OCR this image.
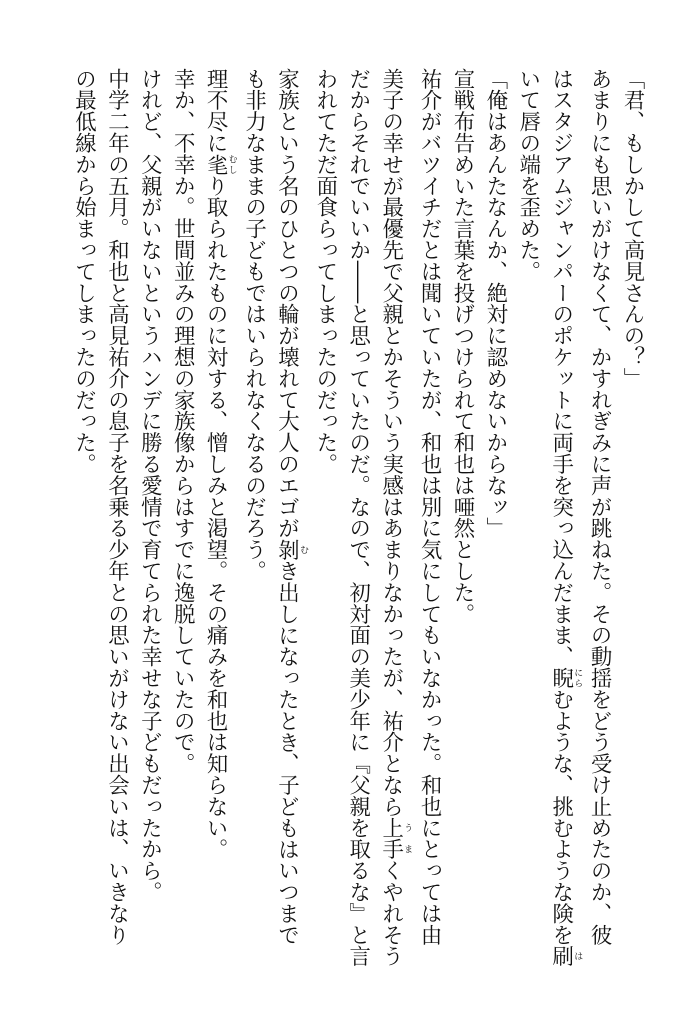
「君、もしかして高見さんの？」

あまりにも思いがけなくて、かすれぎみに声が跳ねた。その動揺をどう受け止めたのか、彼

はスタジアムジャンパーのポケットに両手を突っ込んだまま、睨にらむような、挑むような険を刷は

いて唇の端を歪めた。

「俺はあんたなんか、絶対に認めないからなッ」

宣戦布告めいた言葉を投げつけられて和也は唖然とした。

祐介がバツイチだとは聞いていたが、和也は別に気にしてもいなかった。和也にとっては由

美子の幸せが最優先で父親とかそういう実感はあまりなかったが、祐介となら上手うまくやれそう

だからそれでいいか――と思っていたのだ。なので、初対面の美少年に『父親を取るな』と言

われてただ面食らってしまったのだった。

家族という名のひとつの輪が壊れて大人のエゴが剝むき出しになったとき、子どもはいつまで

も非力なままの子どもではいられなくなるのだろう。

理不尽に毟むしり取られたものに対する、憎しみと渇望。その痛みを和也は知らない。

幸か、不幸か。世間並みの理想の家族像からはすでに逸脱していたので。

けれど、父親がいないというハンデに勝る愛情で育てられた幸せな子どもだったから。

中学二年の五月。和也と高見祐介の息子を名乗る少年との思いがけない出会いは、いきなり

の最低線から始まってしまったのだった。
